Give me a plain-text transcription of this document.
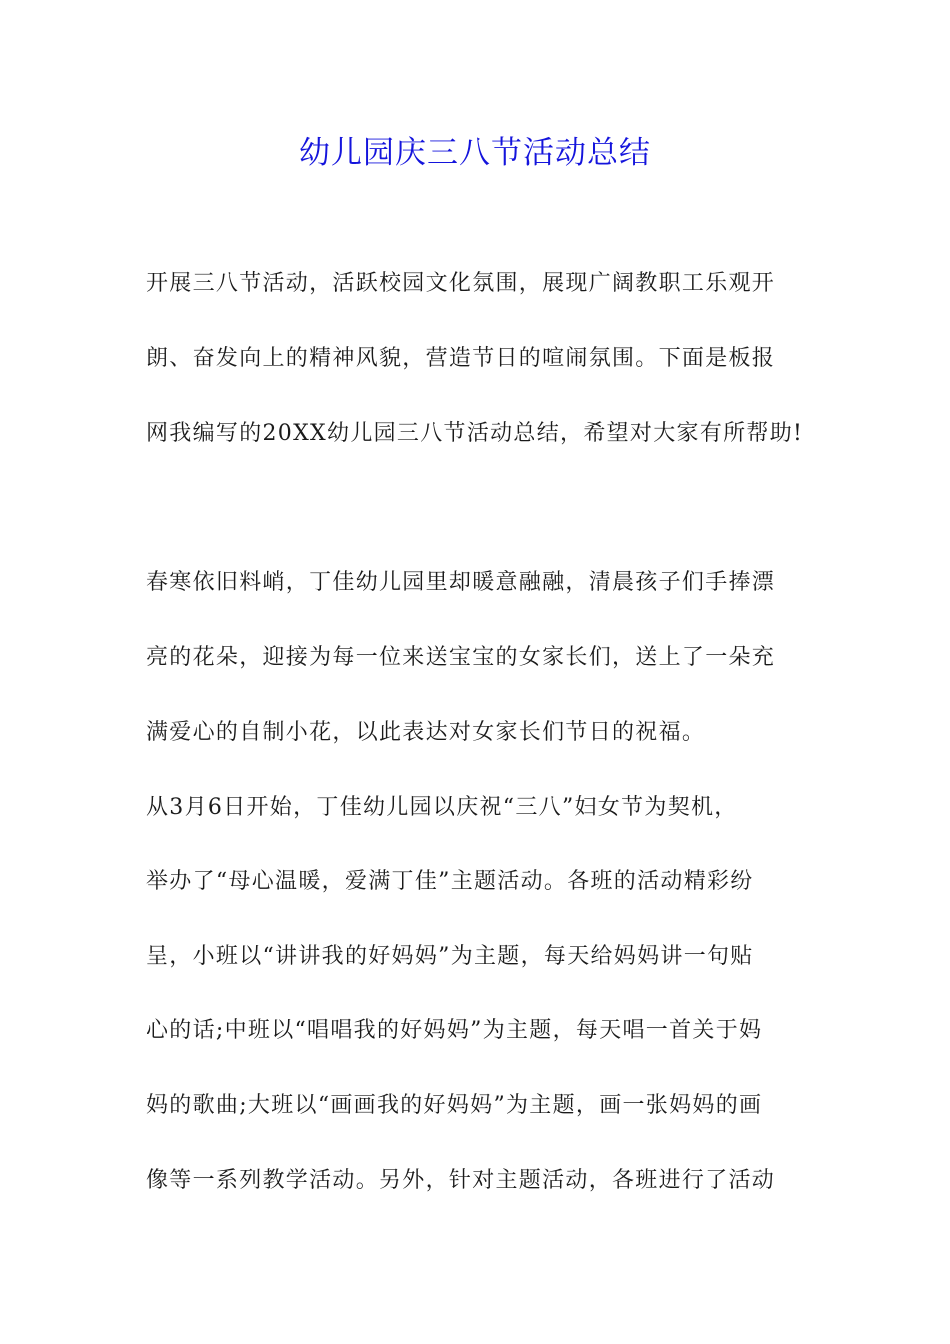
幼儿园庆三八节活动总结
开展三八节活动，活跃校园文化氛围，展现广阔教职工乐观开
朗、奋发向上的精神风貌，营造节日的喧闹氛围。下面是板报
网我编写的20XX幼儿园三八节活动总结，希望对大家有所帮助!
春寒依旧料峭，丁佳幼儿园里却暖意融融，清晨孩子们手捧漂
亮的花朵，迎接为每一位来送宝宝的女家长们，送上了一朵充
满爱心的自制小花，以此表达对女家长们节日的祝福。
从3月6日开始，丁佳幼儿园以庆祝“三八”妇女节为契机，
举办了“母心温暖，爱满丁佳”主题活动。各班的活动精彩纷
呈，小班以“讲讲我的好妈妈”为主题，每天给妈妈讲一句贴
心的话;中班以“唱唱我的好妈妈”为主题，每天唱一首关于妈
妈的歌曲;大班以“画画我的好妈妈”为主题，画一张妈妈的画
像等一系列教学活动。另外，针对主题活动，各班进行了活动
